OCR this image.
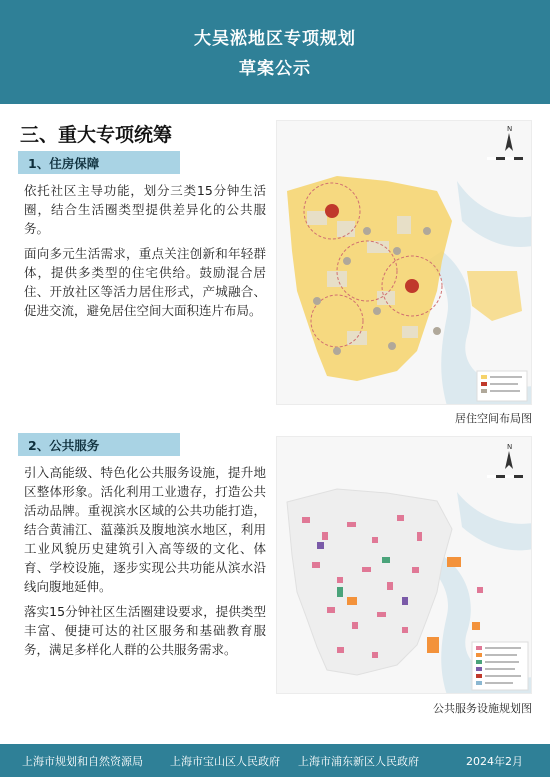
大吴淞地区专项规划
草案公示
三、重大专项统筹
1、住房保障
依托社区主导功能，划分三类15分钟生活圈，结合生活圈类型提供差异化的公共服务。
面向多元生活需求，重点关注创新和年轻群体，提供多类型的住宅供给。鼓励混合居住、开放社区等活力居住形式，产城融合、促进交流，避免居住空间大面积连片布局。
N
居住空间布局图
2、公共服务
引入高能级、特色化公共服务设施，提升地区整体形象。活化利用工业遗存，打造公共活动品牌。重视滨水区域的公共功能打造，结合黄浦江、蕰藻浜及腹地滨水地区，利用工业风貌历史建筑引入高等级的文化、体育、学校设施，逐步实现公共功能从滨水沿线向腹地延伸。
落实15分钟社区生活圈建设要求，提供类型丰富、便捷可达的社区服务和基础教育服务，满足多样化人群的公共服务需求。
N
公共服务设施规划图
上海市规划和自然资源局 上海市宝山区人民政府 上海市浦东新区人民政府	2024年2月
